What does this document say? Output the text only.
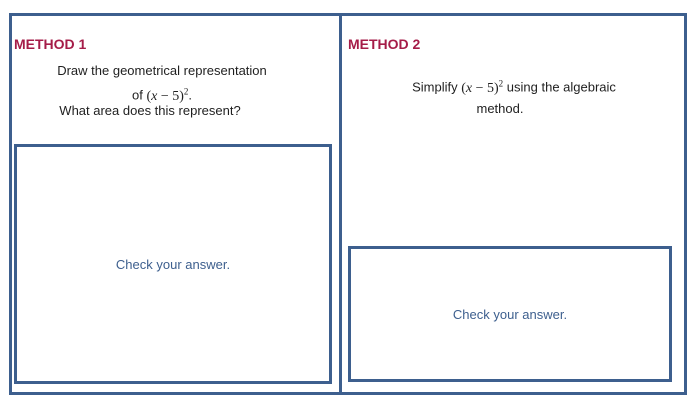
METHOD 1
Draw the geometrical representation
of $(x - 5)^2$.
What area does this represent?
Check your answer.
METHOD 2
Simplify $(x - 5)^2$ using the algebraic
method.
Check your answer.
